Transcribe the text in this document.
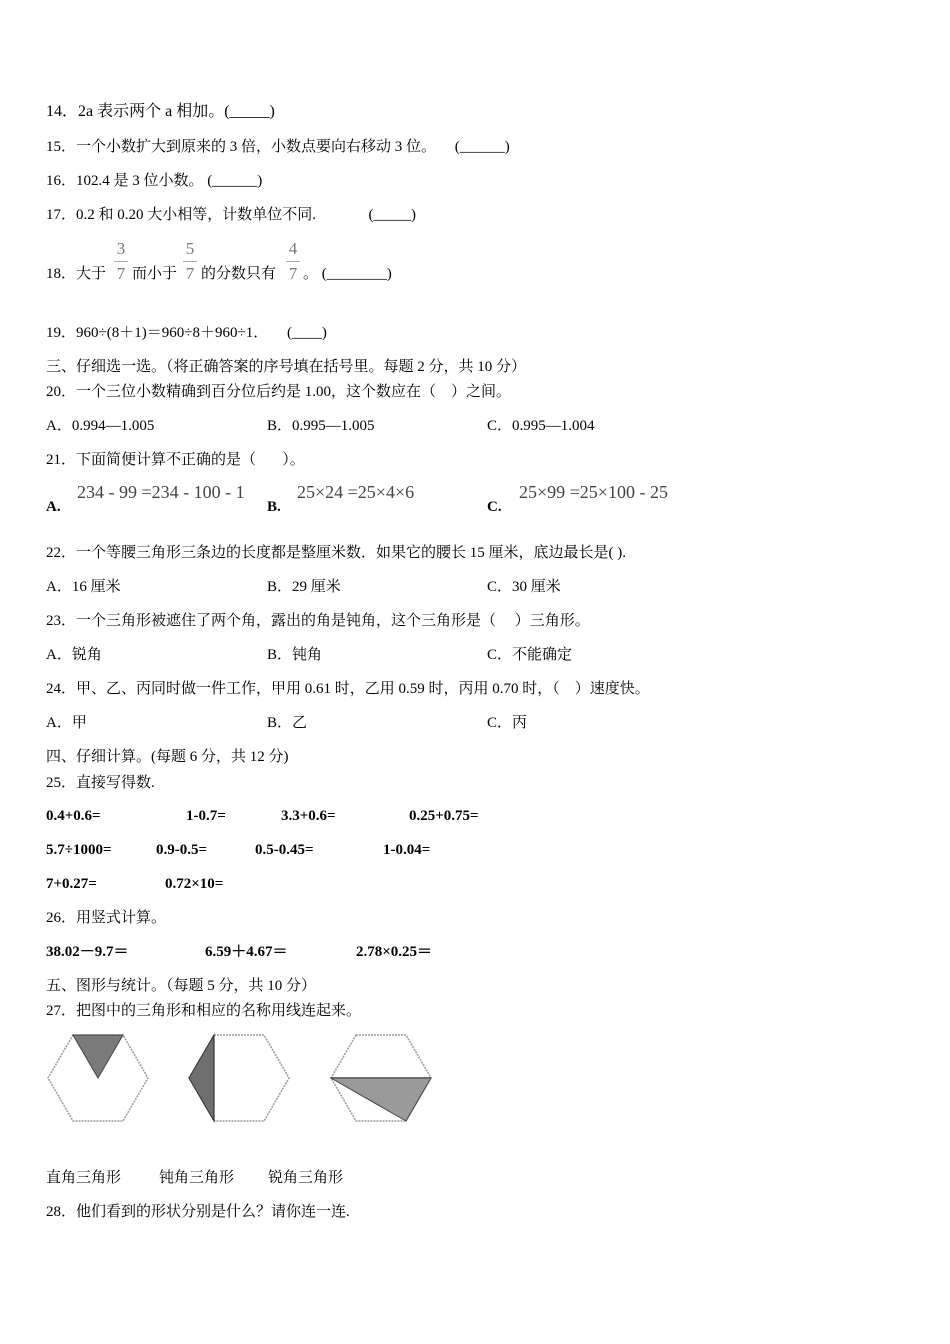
14．2a 表示两个 a 相加。(_____)
15．一个小数扩大到原来的 3 倍，小数点要向右移动 3 位。     (______)
16．102.4 是 3 位小数。 (______)
17．0.2 和 0.20 大小相等，计数单位不同.              (_____)
18．大于
3
7 而小于
5
7 的分数只有
4
7 。 (________)
19．960÷(8＋1)＝960÷8＋960÷1．     (____)
三、仔细选一选。（将正确答案的序号填在括号里。每题 2 分，共 10 分）
20．一个三位小数精确到百分位后约是 1.00，这个数应在（    ）之间。
A．0.994—1.005	B．0.995—1.005	C．0.995—1.004
21．下面简便计算不正确的是（       ）。
A.
234 - 99 =234 - 100 - 1
B.
25×24 =25×4×6
C.
25×99 =25×100 - 25
22．一个等腰三角形三条边的长度都是整厘米数．如果它的腰长 15 厘米，底边最长是( ).
A．16 厘米	B．29 厘米	C．30 厘米
23．一个三角形被遮住了两个角，露出的角是钝角，这个三角形是（     ）三角形。
A．锐角	B．钝角	C．不能确定
24．甲、乙、丙同时做一件工作，甲用 0.61 时，乙用 0.59 时，丙用 0.70 时，（    ）速度快。
A．甲	B．乙	C．丙
四、仔细计算。(每题 6 分，共 12 分)
25．直接写得数.
0.4+0.6=	1-0.7=	3.3+0.6=	0.25+0.75=
5.7÷1000=	0.9-0.5=	0.5-0.45=	1-0.04=
7+0.27=	0.72×10=
26．用竖式计算。
38.02－9.7＝	6.59＋4.67＝	2.78×0.25＝
五、图形与统计。（每题 5 分，共 10 分）
27．把图中的三角形和相应的名称用线连起来。
直角三角形	钝角三角形 锐角三角形
28．他们看到的形状分别是什么？请你连一连.
